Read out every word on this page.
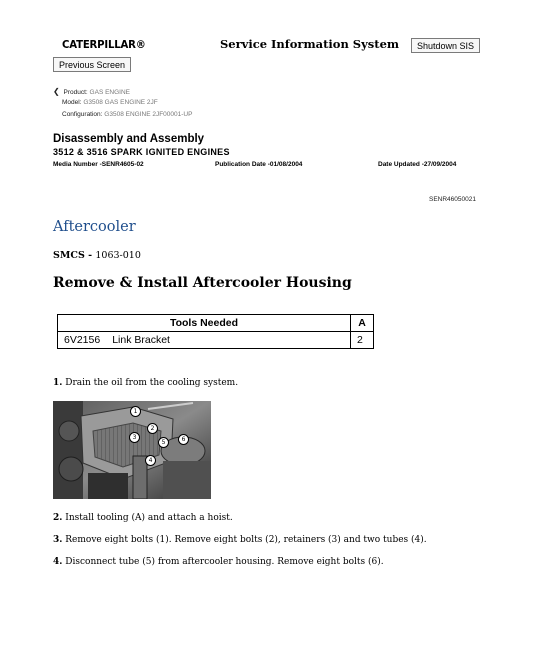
CATERPILLAR®	Service Information System	Shutdown SIS
Previous Screen
❮ Product: GAS ENGINE
Model: G3508 GAS ENGINE 2JF
Configuration: G3508 ENGINE 2JF00001-UP
Disassembly and Assembly
3512 & 3516 SPARK IGNITED ENGINES
Media Number -SENR4605-02	Publication Date -01/08/2004	Date Updated -27/09/2004
SENR46050021
Aftercooler
SMCS - 1063-010
Remove & Install Aftercooler Housing
Tools Needed		A
6V2156	Link Bracket	2
1. Drain the oil from the cooling system.
1
2
3
4
5	6
2. Install tooling (A) and attach a hoist.
3. Remove eight bolts (1). Remove eight bolts (2), retainers (3) and two tubes (4).
4. Disconnect tube (5) from aftercooler housing. Remove eight bolts (6).
